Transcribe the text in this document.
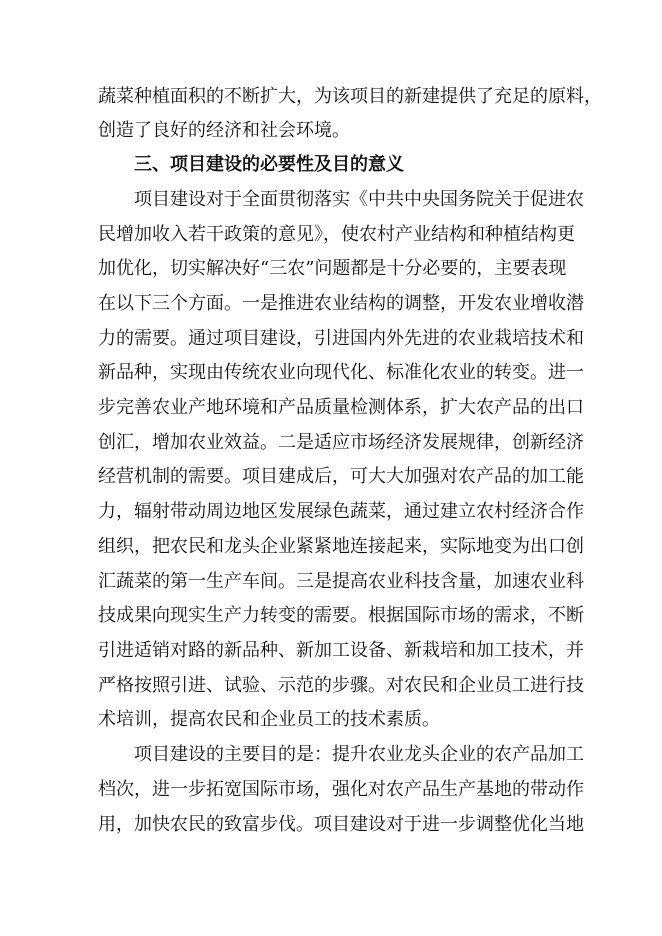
蔬菜种植面积的不断扩大，为该项目的新建提供了充足的原料，
创造了良好的经济和社会环境。
三、项目建设的必要性及目的意义
项目建设对于全面贯彻落实《中共中央国务院关于促进农
民增加收入若干政策的意见》，使农村产业结构和种植结构更
加优化，切实解决好“三农”问题都是十分必要的，主要表现
在以下三个方面。一是推进农业结构的调整，开发农业增收潜
力的需要。通过项目建设，引进国内外先进的农业栽培技术和
新品种，实现由传统农业向现代化、标准化农业的转变。进一
步完善农业产地环境和产品质量检测体系，扩大农产品的出口
创汇，增加农业效益。二是适应市场经济发展规律，创新经济
经营机制的需要。项目建成后，可大大加强对农产品的加工能
力，辐射带动周边地区发展绿色蔬菜，通过建立农村经济合作
组织，把农民和龙头企业紧紧地连接起来，实际地变为出口创
汇蔬菜的第一生产车间。三是提高农业科技含量，加速农业科
技成果向现实生产力转变的需要。根据国际市场的需求，不断
引进适销对路的新品种、新加工设备、新栽培和加工技术，并
严格按照引进、试验、示范的步骤。对农民和企业员工进行技
术培训，提高农民和企业员工的技术素质。
项目建设的主要目的是：提升农业龙头企业的农产品加工
档次，进一步拓宽国际市场，强化对农产品生产基地的带动作
用，加快农民的致富步伐。项目建设对于进一步调整优化当地
